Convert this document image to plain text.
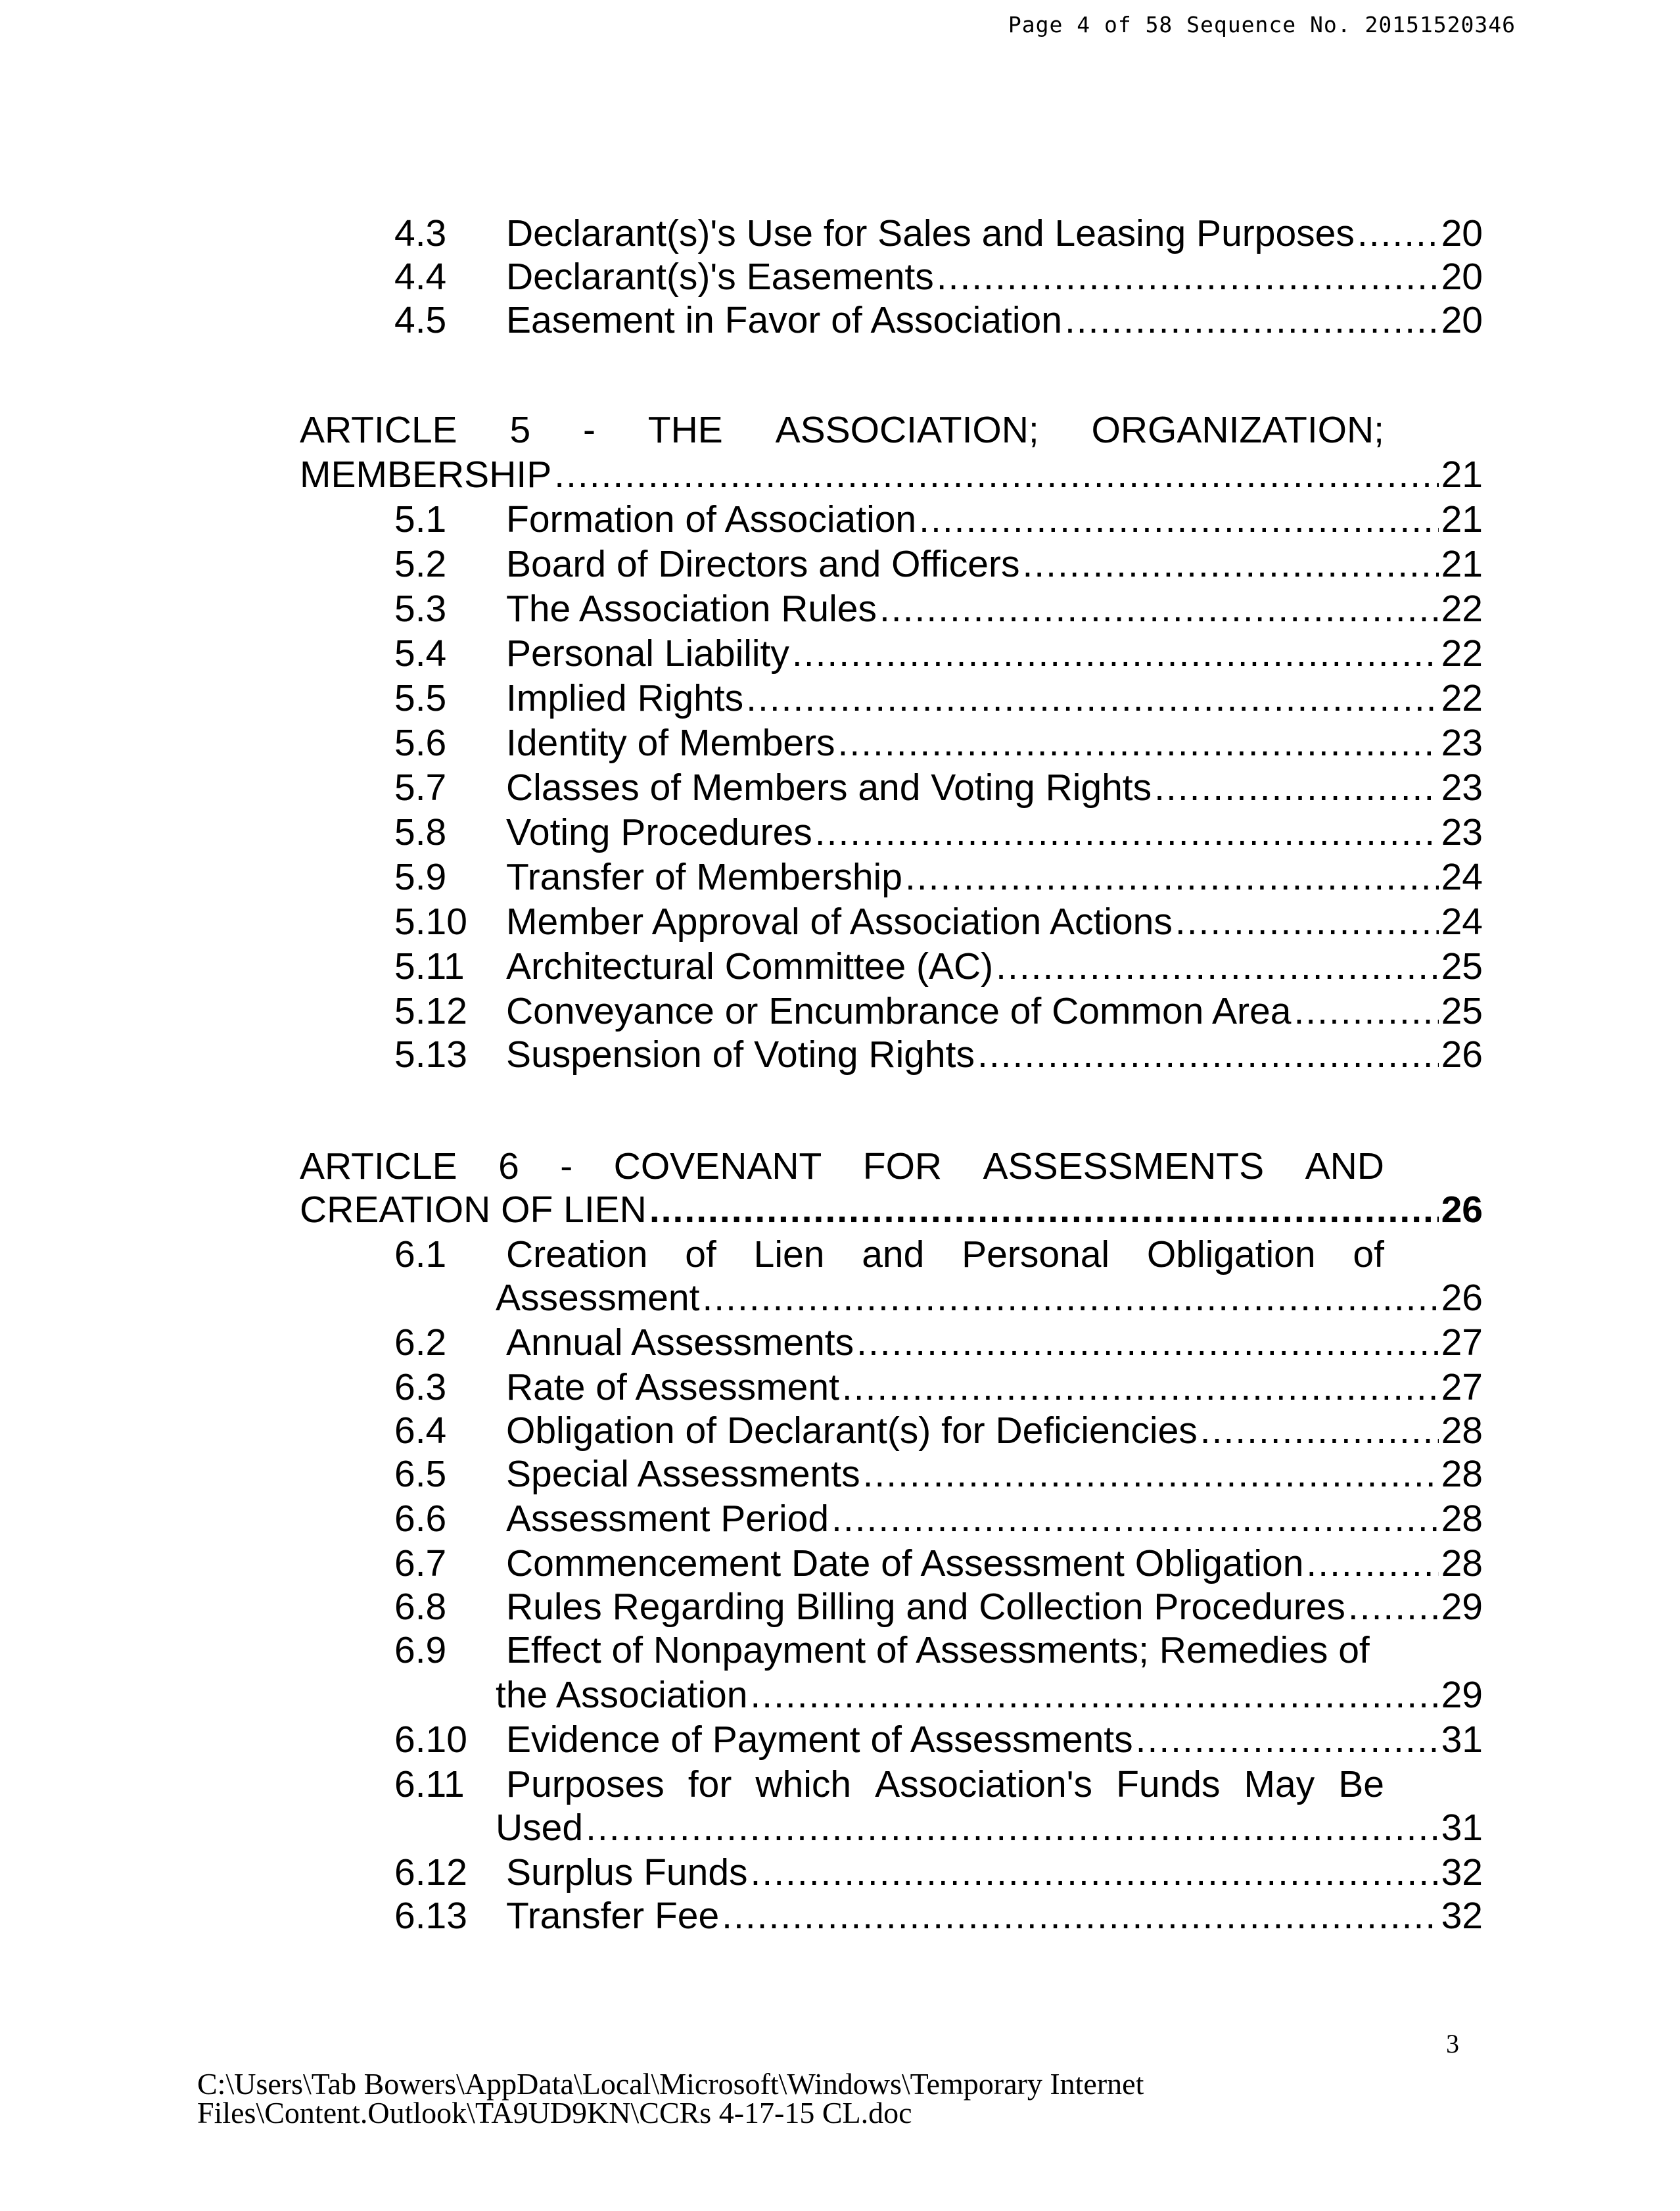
Page 4 of 58 Sequence No. 20151520346
4.3	Declarant(s)'s Use for Sales and Leasing Purposes ..... 20
4.4	Declarant(s)'s Easements .....	20
4.5	Easement in Favor of Association .....	20
ARTICLE 5 - THE ASSOCIATION; ORGANIZATION;
MEMBERSHIP .....	21
5.1	Formation of Association .....	21
5.2	Board of Directors and Officers .....	21
5.3	The Association Rules .....	22
5.4	Personal Liability .....	22
5.5	Implied Rights .....	22
5.6	Identity of Members .....	23
5.7	Classes of Members and Voting Rights .....	23
5.8	Voting Procedures .....	23
5.9	Transfer of Membership .....	24
5.10	Member Approval of Association Actions .....	24
5.11	Architectural Committee (AC) .....	25
5.12	Conveyance or Encumbrance of Common Area .....	25
5.13	Suspension of Voting Rights .....	26
ARTICLE 6 - COVENANT FOR ASSESSMENTS AND
CREATION OF LIEN .....	26
6.1	Creation of Lien and Personal Obligation of
Assessment .....	26
6.2	Annual Assessments .....	27
6.3	Rate of Assessment .....	27
6.4	Obligation of Declarant(s) for Deficiencies .....	28
6.5	Special Assessments .....	28
6.6	Assessment Period .....	28
6.7	Commencement Date of Assessment Obligation .....	28
6.8	Rules Regarding Billing and Collection Procedures .....	29
6.9	Effect of Nonpayment of Assessments; Remedies of
the Association .....	29
6.10	Evidence of Payment of Assessments .....	31
6.11	Purposes for which Association's Funds May Be
Used .....	31
6.12	Surplus Funds .....	32
6.13	Transfer Fee .....	32
3
C:\Users\Tab Bowers\AppData\Local\Microsoft\Windows\Temporary Internet
Files\Content.Outlook\TA9UD9KN\CCRs 4-17-15 CL.doc
